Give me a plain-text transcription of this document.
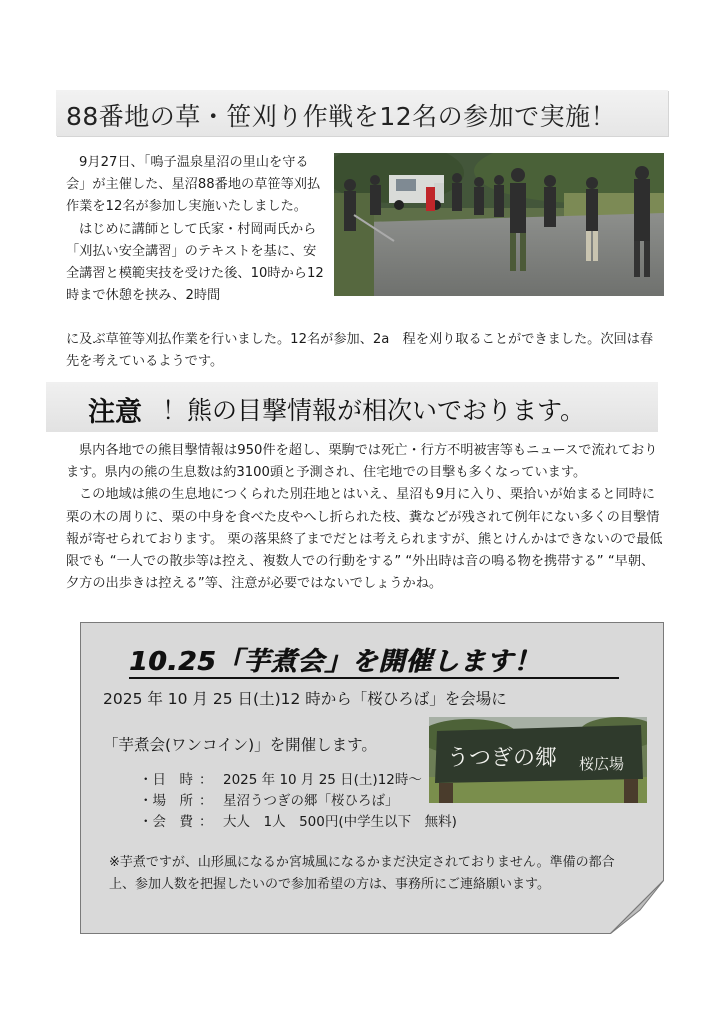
88番地の草・笹刈り作戦を12名の参加で実施！
9月27日、「鳴子温泉星沼の里山を守る会」が主催した、星沼88番地の草笹等刈払作業を12名が参加し実施いたしました。
はじめに講師として氏家・村岡両氏から「刈払い安全講習」のテキストを基に、安全講習と模範実技を受けた後、10時から12時まで休憩を挟み、2時間
に及ぶ草笹等刈払作業を行いました。12名が参加、2a　程を刈り取ることができました。次回は春先を考えているようです。
注意 ！熊の目撃情報が相次いでおります。
県内各地での熊目撃情報は950件を超し、栗駒では死亡・行方不明被害等もニュースで流れております。県内の熊の生息数は約3100頭と予測され、住宅地での目撃も多くなっています。
この地域は熊の生息地につくられた別荘地とはいえ、星沼も9月に入り、栗拾いが始まると同時に栗の木の周りに、栗の中身を食べた皮やへし折られた枝、糞などが残されて例年にない多くの目撃情報が寄せられております。 栗の落果終了までだとは考えられますが、熊とけんかはできないので最低限でも “一人での散歩等は控え、複数人での行動をする” “外出時は音の鳴る物を携帯する” “早朝、夕方の出歩きは控える”等、注意が必要ではないでしょうかね。
10.25「芋煮会」を開催します！
2025 年 10 月 25 日(土)12 時から「桜ひろば」を会場に
「芋煮会(ワンコイン)」を開催します。
・日　時 ： 2025 年 10 月 25 日(土)12時～
・場　所 ： 星沼うつぎの郷「桜ひろば」
・会　費 ： 大人　1人　500円(中学生以下　無料)
※芋煮ですが、山形風になるか宮城風になるかまだ決定されておりません。準備の都合上、参加人数を把握したいので参加希望の方は、事務所にご連絡願います。
うつぎの郷 桜広場
